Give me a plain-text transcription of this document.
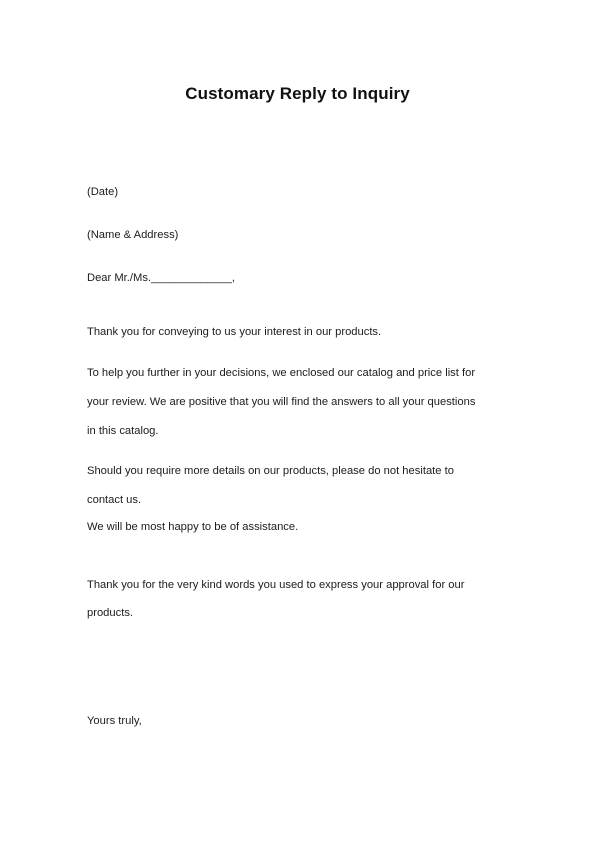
Customary Reply to Inquiry
(Date)
(Name & Address)
Dear Mr./Ms._____________,
Thank you for conveying to us your interest in our products.
To help you further in your decisions, we enclosed our catalog and price list for
your review. We are positive that you will find the answers to all your questions
in this catalog.
Should you require more details on our products, please do not hesitate to
contact us.
We will be most happy to be of assistance.
Thank you for the very kind words you used to express your approval for our
products.
Yours truly,
